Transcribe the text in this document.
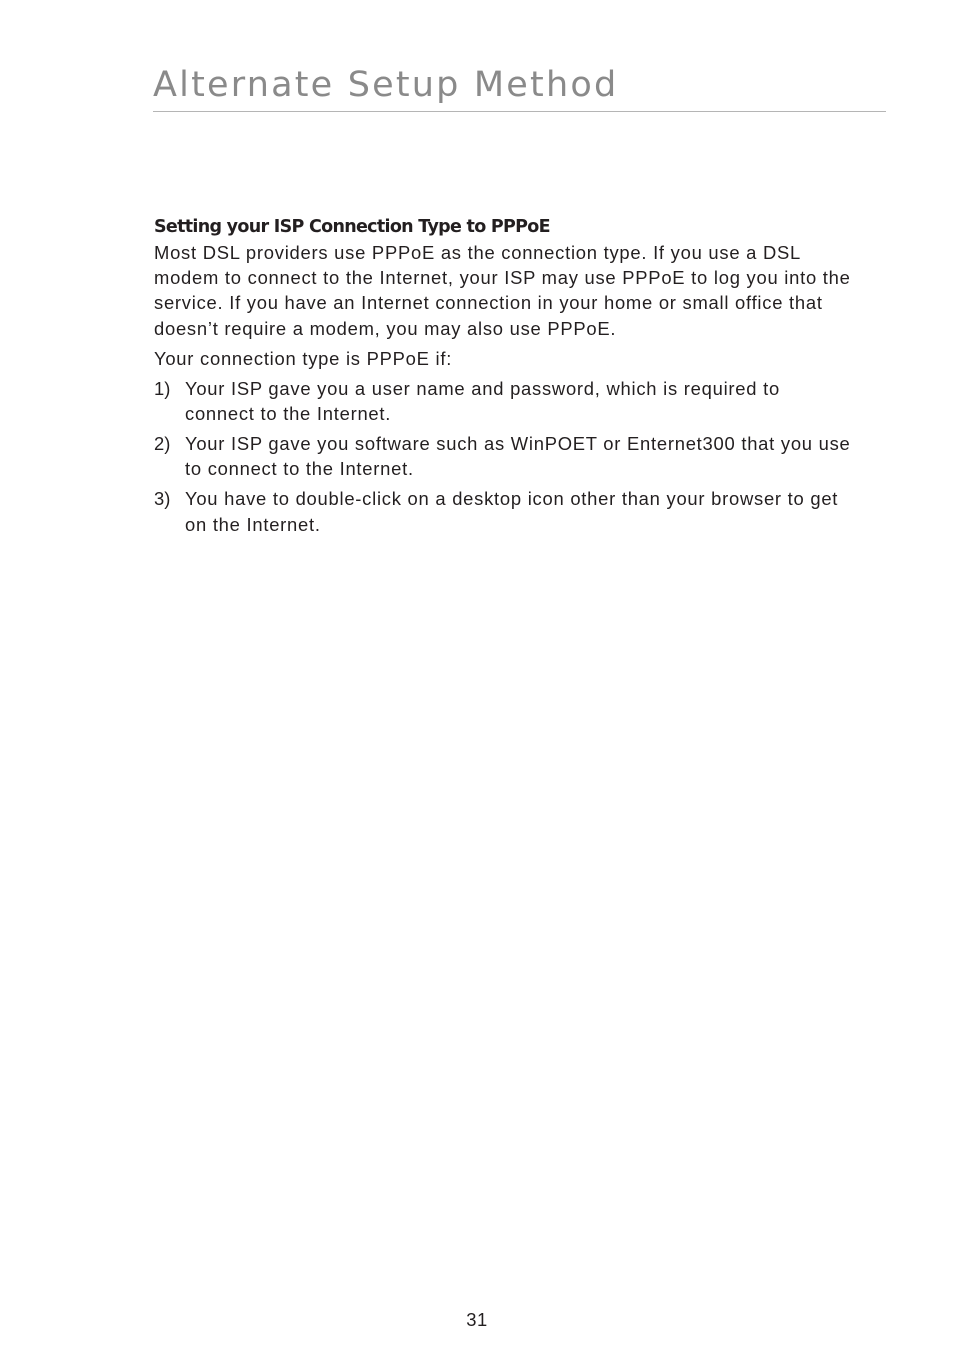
Alternate Setup Method
Setting your ISP Connection Type to PPPoE

Most DSL providers use PPPoE as the connection type. If you use a DSL modem to connect to the Internet, your ISP may use PPPoE to log you into the service. If you have an Internet connection in your home or small office that doesn’t require a modem, you may also use PPPoE.

Your connection type is PPPoE if:

1) Your ISP gave you a user name and password, which is required to connect to the Internet.
2) Your ISP gave you software such as WinPOET or Enternet300 that you use to connect to the Internet.
3) You have to double-click on a desktop icon other than your browser to get on the Internet.
31
